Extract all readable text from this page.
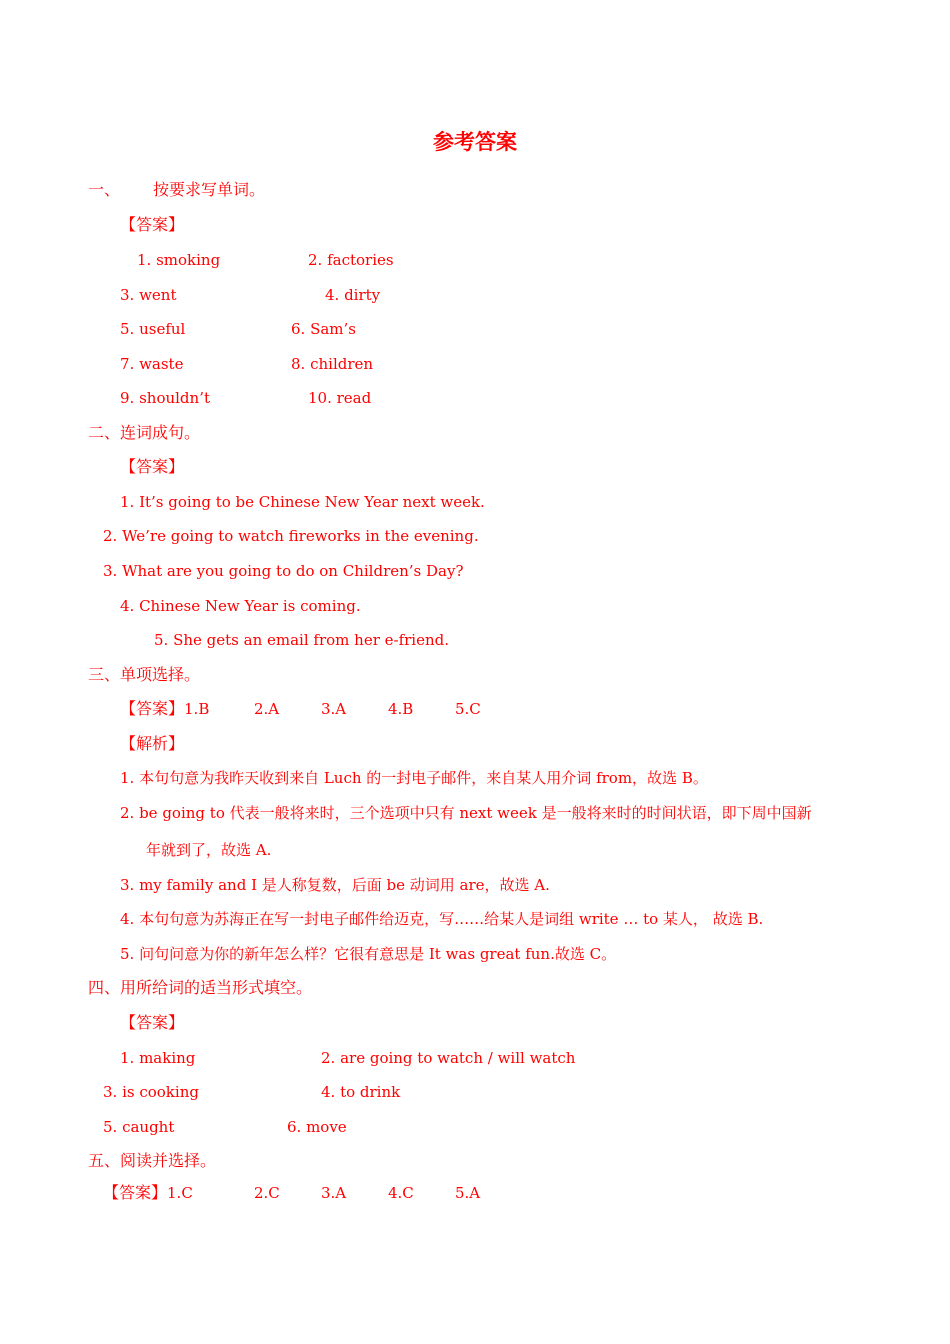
参考答案
一、 按要求写单词。
【答案】
1. smoking	2. factories
3. went	4. dirty
5. useful	6. Sam’s
7. waste	8. children
9. shouldn’t	10. read
二、连词成句。
【答案】
1. It’s going to be Chinese New Year next week.
2. We’re going to watch fireworks in the evening.
3. What are you going to do on Children’s Day?
4. Chinese New Year is coming.
5. She gets an email from her e-friend.
三、单项选择。
【答案】1.B	2.A	3.A	4.B	5.C
【解析】
1. 本句句意为我昨天收到来自 Luch 的一封电子邮件，来自某人用介词 from，故选 B。
2. be going to 代表一般将来时，三个选项中只有 next week 是一般将来时的时间状语，即下周中国新
年就到了，故选 A.
3. my family and I 是人称复数，后面 be 动词用 are，故选 A.
4. 本句句意为苏海正在写一封电子邮件给迈克，写……给某人是词组 write … to 某人， 故选 B.
5. 问句问意为你的新年怎么样？它很有意思是 It was great fun.故选 C。
四、用所给词的适当形式填空。
【答案】
1. making	2. are going to watch / will watch
3. is cooking	4. to drink
5. caught	6. move
五、阅读并选择。
【答案】1.C	2.C	3.A	4.C	5.A
